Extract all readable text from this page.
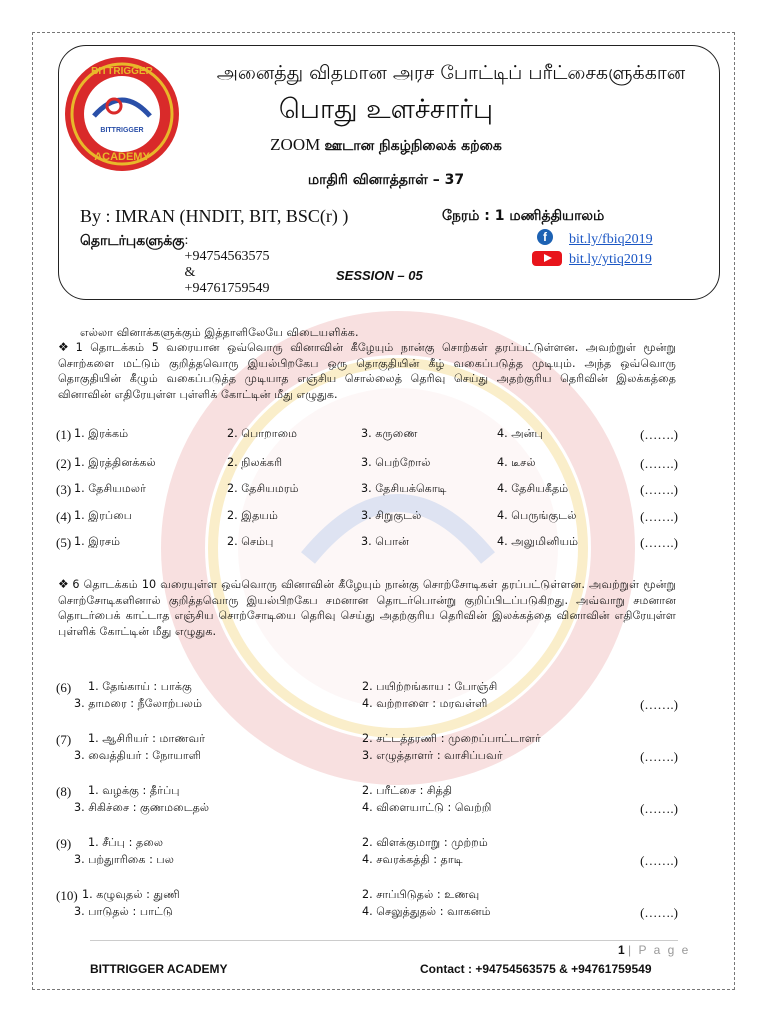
BITTRIGGER
BITTRIGGER
ACADEMY
அனைத்து விதமான அரச போட்டிப் பரீட்சைகளுக்கான
பொது உளச்சார்பு
ZOOM ஊடான நிகழ்நிலைக் கற்கை
மாதிரி வினாத்தாள் – 37
By : IMRAN (HNDIT, BIT, BSC(r) )	நேரம் : 1 மணித்தியாலம்
தொடர்புகளுக்கு : +94754563575 & +94761759549
f	bit.ly/fbiq2019
bit.ly/ytiq2019
SESSION – 05
எல்லா வினாக்களுக்கும் இத்தாளிலேயே விடையளிக்க.
❖ 1 தொடக்கம் 5 வரையான ஒவ்வொரு வினாவின் கீழேயும் நான்கு சொற்கள் தரப்பட்டுள்ளன. அவற்றுள் மூன்று சொற்களை மட்டும் குறித்தவொரு இயல்பிறகேப ஒரு தொகுதியின் கீழ் வகைப்படுத்த முடியும். அந்த ஒவ்வொரு தொகுதியின் கீழும் வகைப்படுத்த முடியாத எஞ்சிய சொல்லைத் தெரிவு செய்து அதற்குரிய தெரிவின் இலக்கத்தை வினாவின் எதிரேயுள்ள புள்ளிக் கோட்டின் மீது எழுதுக.
(1) 1. இரக்கம்	2. பொறாமை	3. கருணை	4. அன்பு	(…….)
(2) 1. இரத்தினக்கல்	2. நிலக்கரி	3. பெற்றோல்	4. டீசல்	(…….)
(3) 1. தேசியமலர்	2. தேசியமரம்	3. தேசியக்கொடி	4. தேசியகீதம்	(…….)
(4) 1. இரப்பை	2. இதயம்	3. சிறுகுடல்	4. பெருங்குடல்	(…….)
(5) 1. இரசம்	2. செம்பு	3. பொன்	4. அலுமினியம்	(…….)
❖ 6 தொடக்கம் 10 வரையுள்ள ஒவ்வொரு வினாவின் கீழேயும் நான்கு சொற்சோடிகள் தரப்பட்டுள்ளன. அவற்றுள் மூன்று சொற்சோடிகளினால் குறித்தவொரு இயல்பிறகேப சமனான தொடர்பொன்று குறிப்பிடப்படுகிறது. அவ்வாறு சமனான தொடர்பைக் காட்டாத எஞ்சிய சொற்சோடியை தெரிவு செய்து அதற்குரிய தெரிவின் இலக்கத்தை வினாவின் எதிரேயுள்ள புள்ளிக் கோட்டின் மீது எழுதுக.
(6) 1. தேங்காய் : பாக்கு	2. பயிற்றங்காய : போஞ்சி
3. தாமரை : நீலோற்பலம்	4. வற்றாளை : மரவள்ளி	(…….)
(7) 1. ஆசிரியர் : மாணவர்	2. சட்டத்தரணி : முறைப்பாட்டாளர்
3. வைத்தியர் : நோயாளி	3. எழுத்தாளர் : வாசிப்பவர்	(…….)
(8) 1. வழக்கு : தீர்ப்பு	2. பரீட்சை : சித்தி
3. சிகிச்சை : குணமடைதல்	4. விளையாட்டு : வெற்றி	(…….)
(9) 1. சீப்பு : தலை	2. விளக்குமாறு : முற்றம்
3. பற்துாரிகை : பல	4. சவரக்கத்தி : தாடி	(…….)
(10) 1. கழுவுதல் : துணி	2. சாப்பிடுதல் : உணவு
3. பாடுதல் : பாட்டு	4. செலுத்துதல் : வாகனம்	(…….)
1 | P a g e
BITTRIGGER ACADEMY	Contact : +94754563575 & +94761759549
